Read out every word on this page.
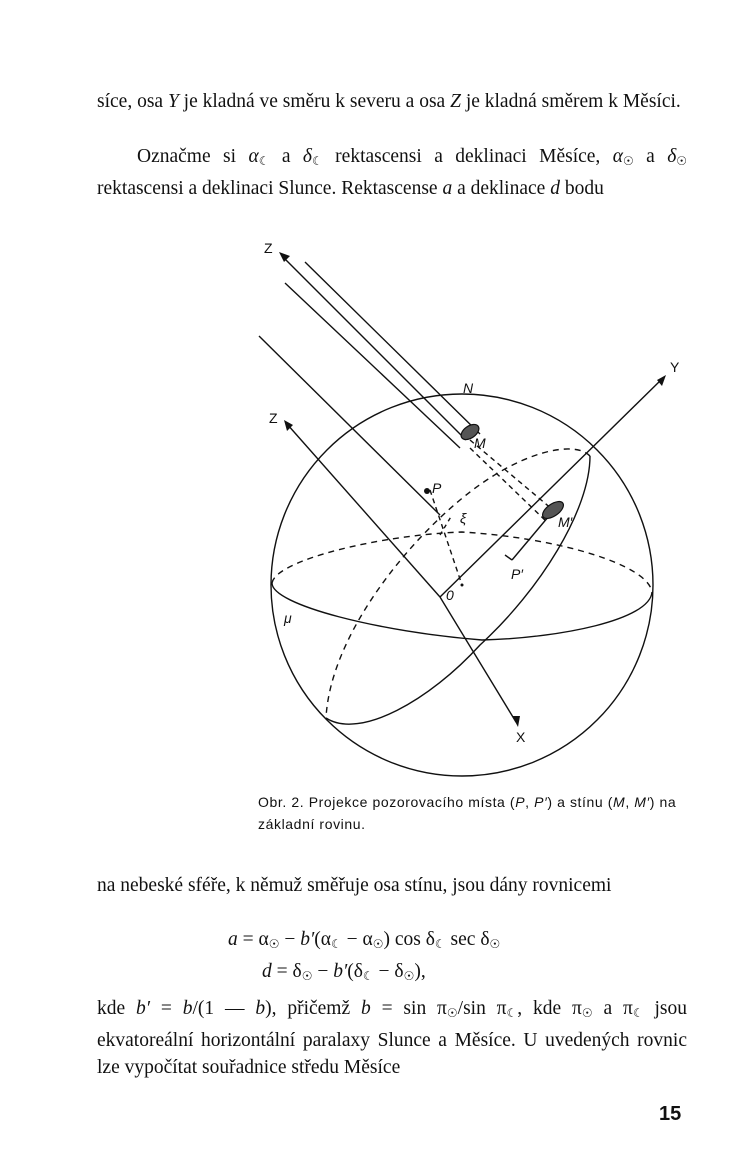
síce, osa Y je kladná ve směru k severu a osa Z je kladná směrem k Měsíci.

Označme si $\alpha_☾$ a $\delta_☾$ rektascensi a deklinaci Měsíce, $\alpha_☉$ a $\delta_☉$ rektascensi a deklinaci Slunce. Rektascense a a deklinace d bodu

Z
Z
Y
X
N
M
M′
P
P′
0
ξ
μ

Obr. 2. Projekce pozorovacího místa (P, P′) a stínu (M, M′) na základní rovinu.

na nebeské sféře, k němuž směřuje osa stínu, jsou dány rovnicemi

$a = \alpha_☉ - b'(\alpha_☾ - \alpha_☉)$ $\cos \delta_☾$ $\sec \delta_☉$
$d = \delta_☉ - b'(\delta_☾ - \delta_☉)$,

kde b′ = b/(1 — b), přičemž $b = \sin \pi_☉/\sin$ $\pi_☾$, kde $\pi_☉$ a $\pi_☾$ jsou ekvatoreální horizontální paralaxy Slunce a Měsíce. U uvedených rovnic lze vypočítat souřadnice středu Měsíce

15
